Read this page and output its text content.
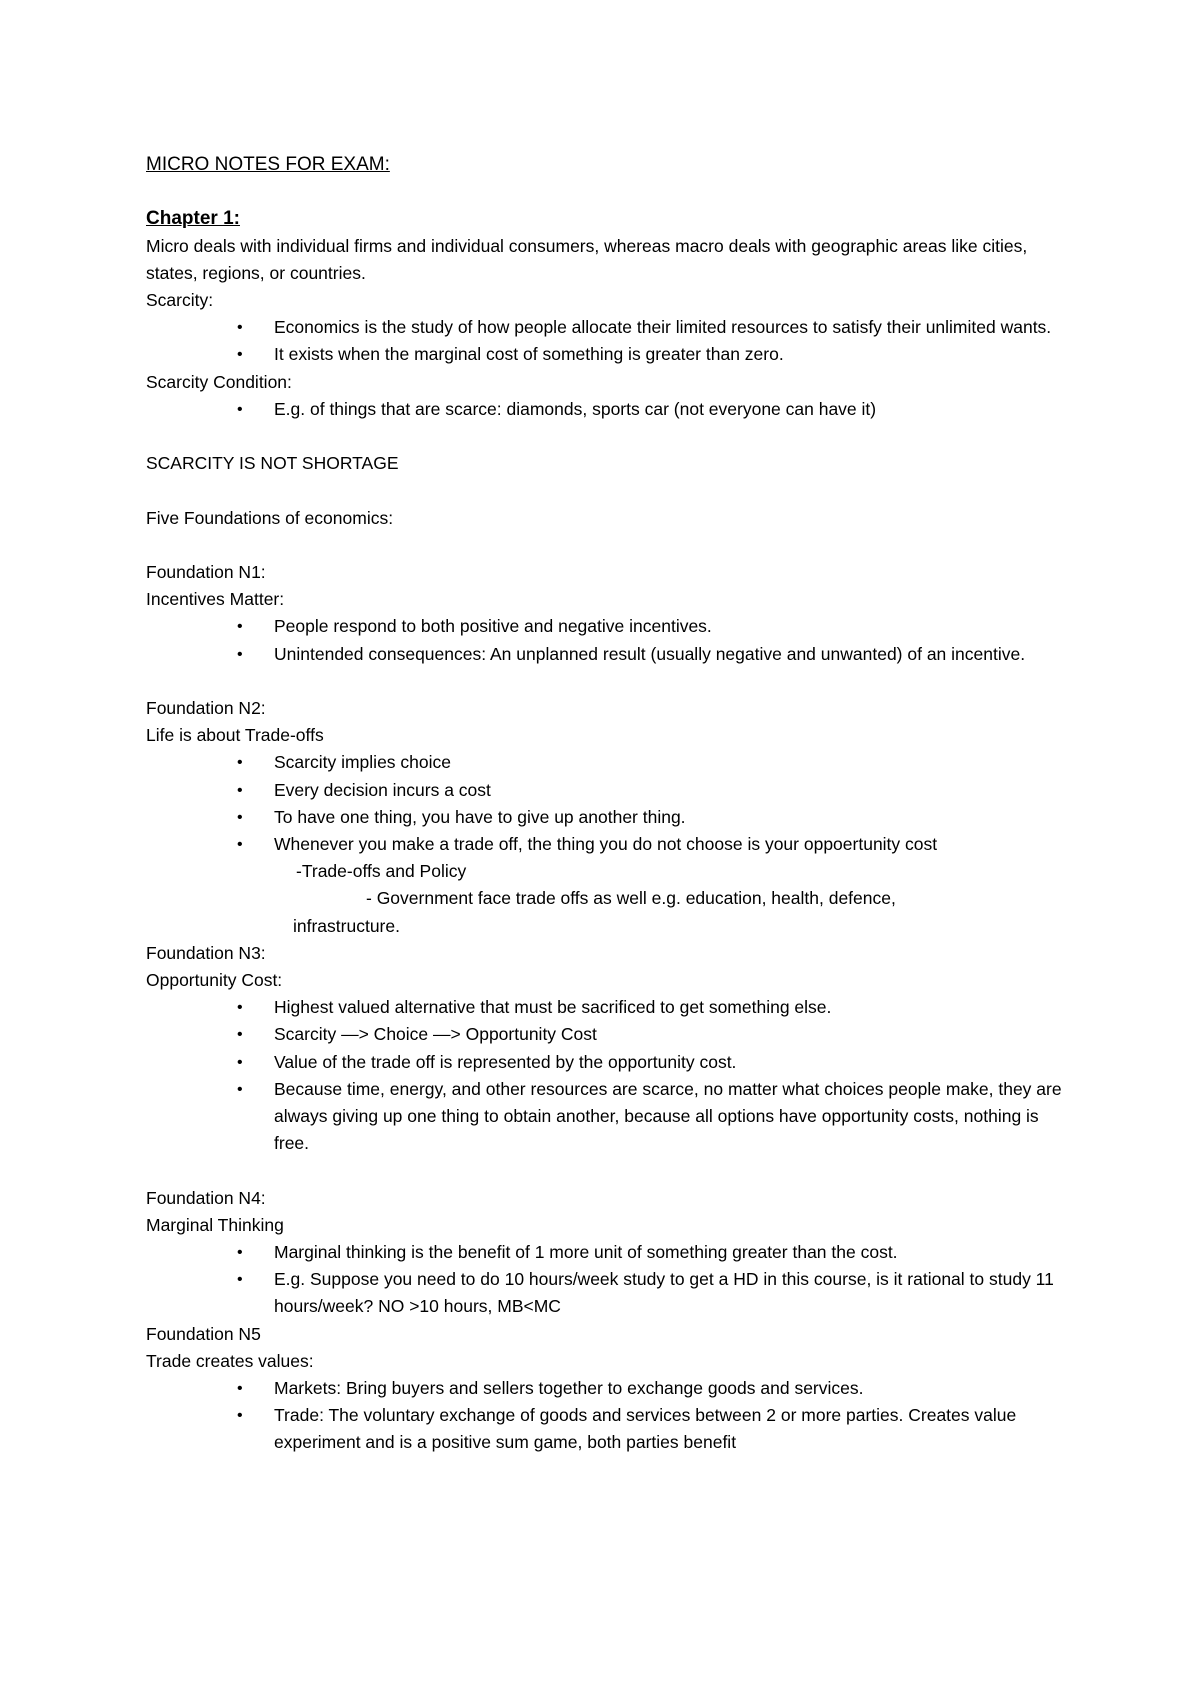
MICRO NOTES FOR EXAM:

Chapter 1:

Micro deals with individual firms and individual consumers, whereas macro deals with geographic areas like cities, states, regions, or countries.

Scarcity:

• Economics is the study of how people allocate their limited resources to satisfy their unlimited wants.
• It exists when the marginal cost of something is greater than zero.

Scarcity Condition:

• E.g. of things that are scarce: diamonds, sports car (not everyone can have it)

SCARCITY IS NOT SHORTAGE

Five Foundations of economics:

Foundation N1:

Incentives Matter:

• People respond to both positive and negative incentives.
• Unintended consequences: An unplanned result (usually negative and unwanted) of an incentive.

Foundation N2:

Life is about Trade-offs

• Scarcity implies choice
• Every decision incurs a cost
• To have one thing, you have to give up another thing.
• Whenever you make a trade off, the thing you do not choose is your oppoertunity cost

-Trade-offs and Policy

- Government face trade offs as well e.g. education, health, defence,

infrastructure.

Foundation N3:

Opportunity Cost:

• Highest valued alternative that must be sacrificed to get something else.
• Scarcity —> Choice —> Opportunity Cost
• Value of the trade off is represented by the opportunity cost.
• Because time, energy, and other resources are scarce, no matter what choices people make, they are always giving up one thing to obtain another, because all options have opportunity costs, nothing is free.

Foundation N4:

Marginal Thinking

• Marginal thinking is the benefit of 1 more unit of something greater than the cost.
• E.g. Suppose you need to do 10 hours/week study to get a HD in this course, is it rational to study 11 hours/week? NO >10 hours, MB<MC

Foundation N5

Trade creates values:

• Markets: Bring buyers and sellers together to exchange goods and services.
• Trade: The voluntary exchange of goods and services between 2 or more parties. Creates value experiment and is a positive sum game, both parties benefit
